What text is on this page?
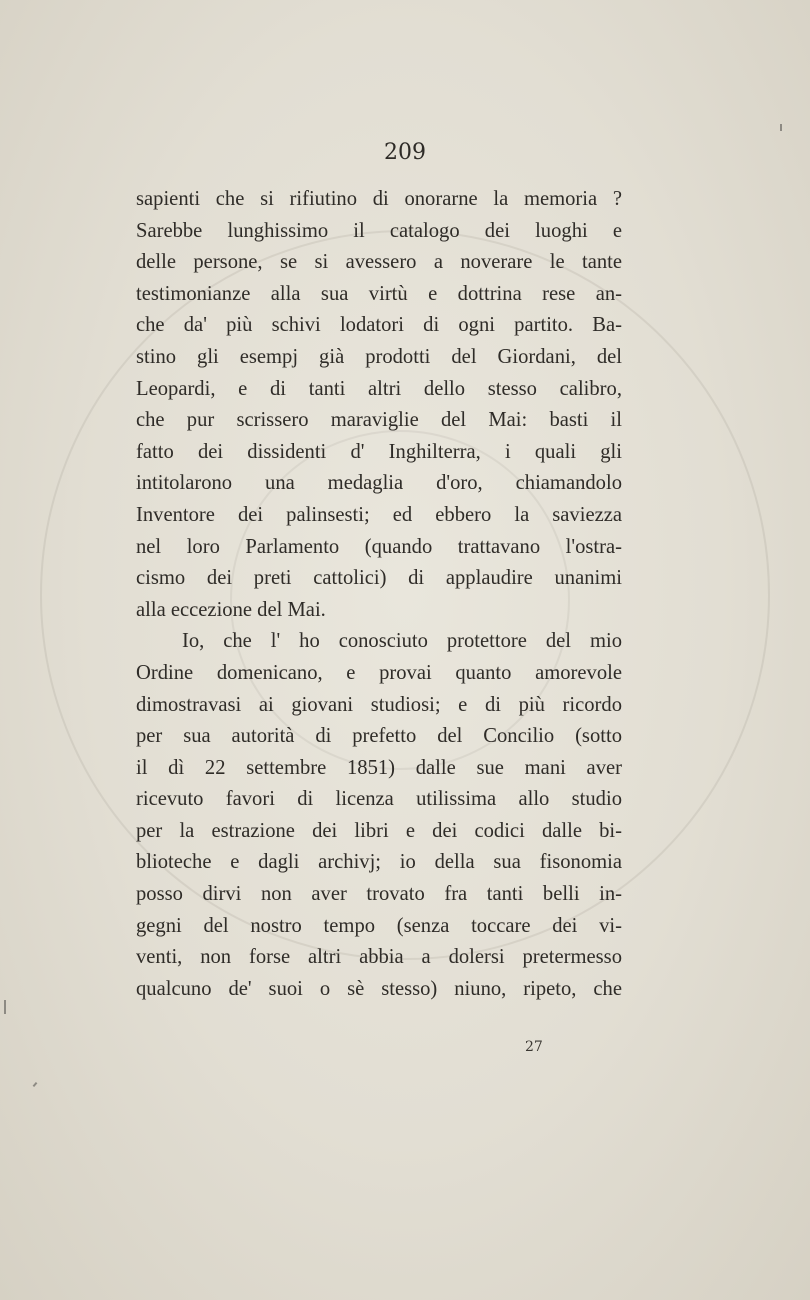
209
sapienti che si rifiutino di onorarne la memoria ?
Sarebbe lunghissimo il catalogo dei luoghi e
delle persone, se si avessero a noverare le tante
testimonianze alla sua virtù e dottrina rese an-
che da' più schivi lodatori di ogni partito. Ba-
stino gli esempj già prodotti del Giordani, del
Leopardi, e di tanti altri dello stesso calibro,
che pur scrissero maraviglie del Mai: basti il
fatto dei dissidenti d' Inghilterra, i quali gli
intitolarono una medaglia d'oro, chiamandolo
Inventore dei palinsesti; ed ebbero la saviezza
nel loro Parlamento (quando trattavano l'ostra-
cismo dei preti cattolici) di applaudire unanimi
alla eccezione del Mai.
Io, che l' ho conosciuto protettore del mio
Ordine domenicano, e provai quanto amorevole
dimostravasi ai giovani studiosi; e di più ricordo
per sua autorità di prefetto del Concilio (sotto
il dì 22 settembre 1851) dalle sue mani aver
ricevuto favori di licenza utilissima allo studio
per la estrazione dei libri e dei codici dalle bi-
blioteche e dagli archivj; io della sua fisonomia
posso dirvi non aver trovato fra tanti belli in-
gegni del nostro tempo (senza toccare dei vi-
venti, non forse altri abbia a dolersi pretermesso
qualcuno de' suoi o sè stesso) niuno, ripeto, che
27
